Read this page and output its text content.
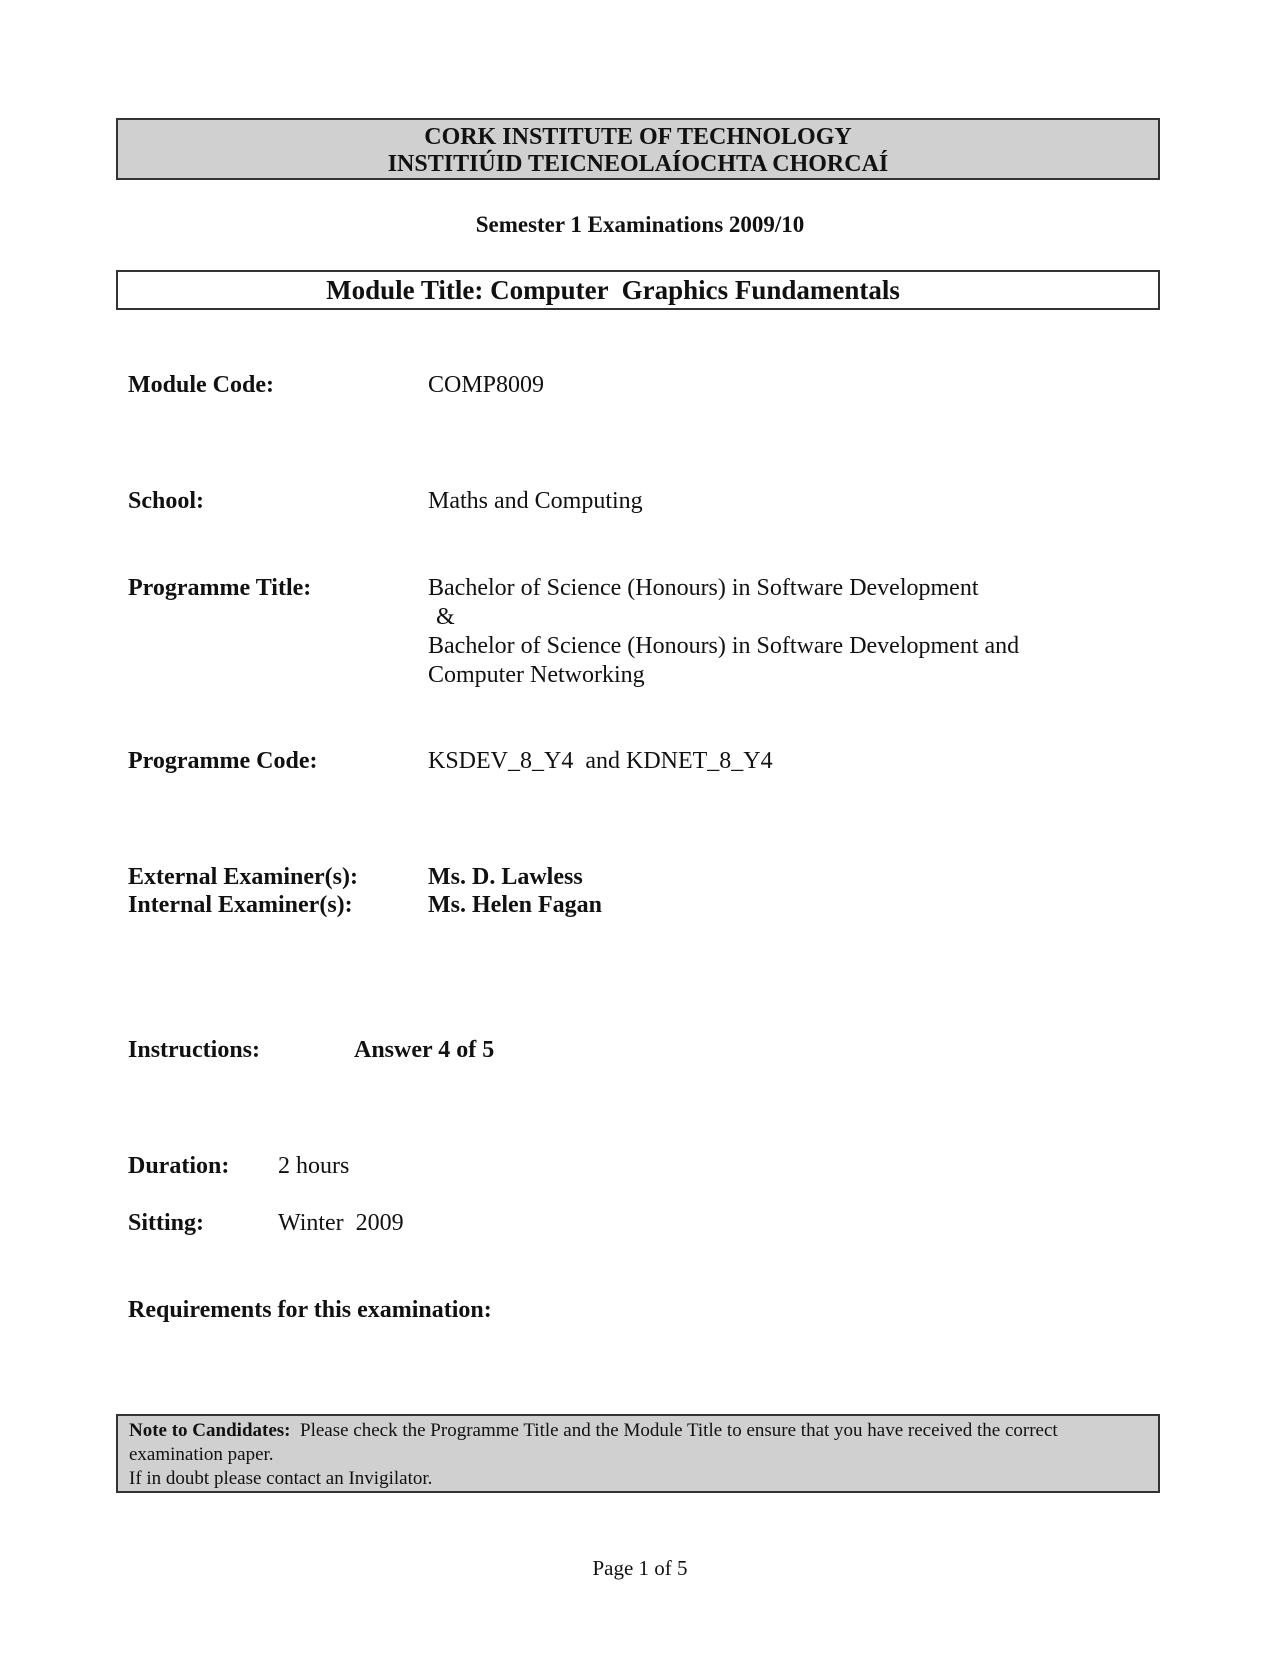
CORK INSTITUTE OF TECHNOLOGY
INSTITIÚID TEICNEOLAÍOCHTA CHORCAÍ
Semester 1 Examinations 2009/10
Module Title: Computer  Graphics Fundamentals
Module Code:	COMP8009
School:	Maths and Computing
Programme Title:	Bachelor of Science (Honours) in Software Development
&
Bachelor of Science (Honours) in Software Development and
Computer Networking
Programme Code:	KSDEV_8_Y4  and KDNET_8_Y4
External Examiner(s):	Ms. D. Lawless
Internal Examiner(s):	Ms. Helen Fagan
Instructions:	Answer 4 of 5
Duration: 2 hours
Sitting:	Winter  2009
Requirements for this examination:

Note to Candidates:  Please check the Programme Title and the Module Title to ensure that you have received the correct examination paper.

If in doubt please contact an Invigilator.

Page 1 of 5
